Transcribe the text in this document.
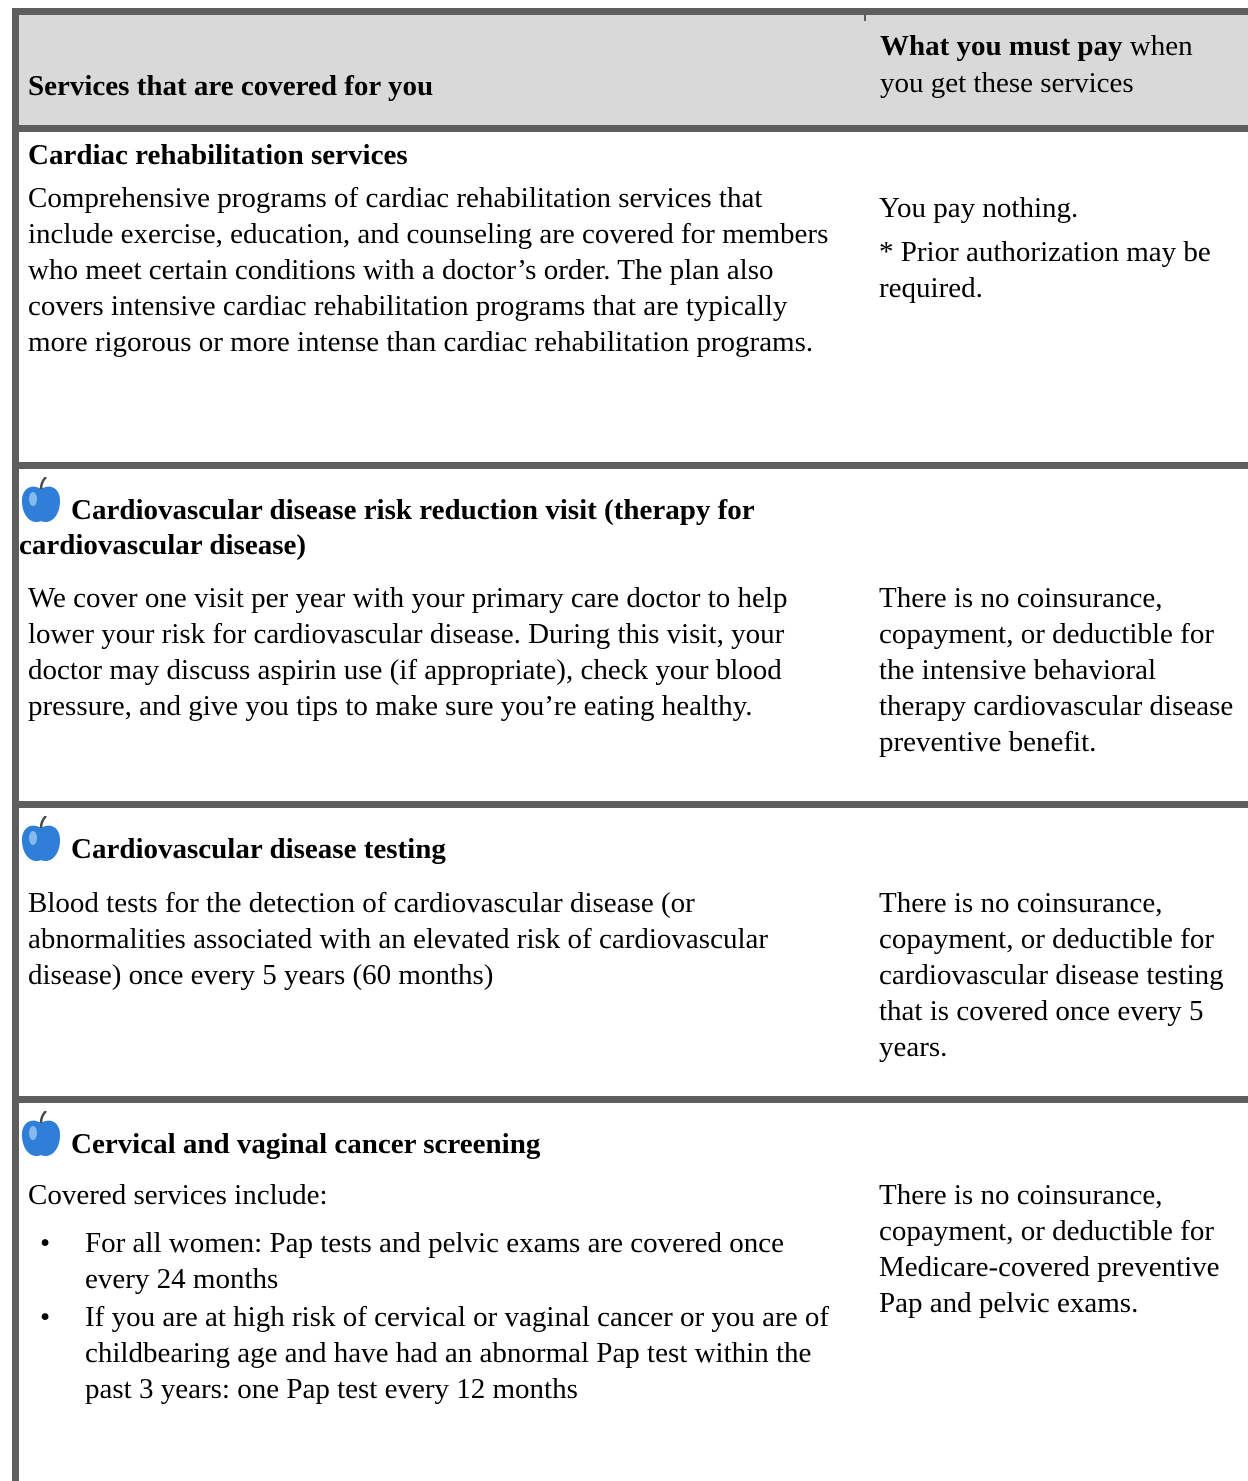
Services that are covered for you
What you must pay when you get these services
Cardiac rehabilitation services
Comprehensive programs of cardiac rehabilitation services that include exercise, education, and counseling are covered for members who meet certain conditions with a doctor’s order. The plan also covers intensive cardiac rehabilitation programs that are typically more rigorous or more intense than cardiac rehabilitation programs.

You pay nothing.

* Prior authorization may be required.

Cardiovascular disease risk reduction visit (therapy for cardiovascular disease)
We cover one visit per year with your primary care doctor to help lower your risk for cardiovascular disease. During this visit, your doctor may discuss aspirin use (if appropriate), check your blood pressure, and give you tips to make sure you’re eating healthy.

There is no coinsurance, copayment, or deductible for the intensive behavioral therapy cardiovascular disease preventive benefit.

Cardiovascular disease testing
Blood tests for the detection of cardiovascular disease (or abnormalities associated with an elevated risk of cardiovascular disease) once every 5 years (60 months)

There is no coinsurance, copayment, or deductible for cardiovascular disease testing that is covered once every 5 years.

Cervical and vaginal cancer screening

Covered services include:

• For all women: Pap tests and pelvic exams are covered once every 24 months
• If you are at high risk of cervical or vaginal cancer or you are of childbearing age and have had an abnormal Pap test within the past 3 years: one Pap test every 12 months

There is no coinsurance, copayment, or deductible for Medicare-covered preventive Pap and pelvic exams.
